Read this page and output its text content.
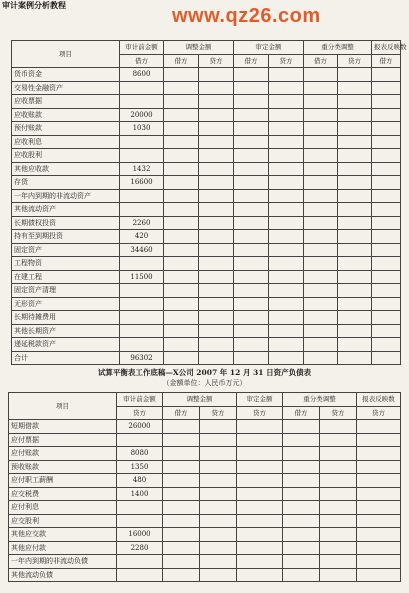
审计案例分析教程	www.qz26.com
项目	审计前金额	调整金额		审定金额		重分类调整		报表反映数
	借方	借方	贷方	借方	贷方	借方	贷方	借方
货币资金	8600							
交易性金融资产								
应收票据								
应收账款	20000							
预付账款	1030							
应收利息								
应收股利								
其他应收款	1432							
存货	16600							
一年内到期的非流动资产								
其他流动资产								
长期债权投资	2260							
持有至到期投资	420							
固定资产	34460							
工程物资								
在建工程	11500							
固定资产清理								
无形资产								
长期待摊费用								
其他长期资产								
递延税款资产								
合计	96302							
试算平衡表工作底稿—X公司 2007 年 12 月 31 日资产负债表
（金额单位：人民币万元）
项目	审计前金额	调整金额		审定金额	重分类调整		报表反映数
	贷方	借方	贷方	贷方	借方	贷方	贷方
短期借款	26000						
应付票据							
应付账款	8080						
预收账款	1350						
应付职工薪酬	480						
应交税费	1400						
应付利息							
应交股利							
其他应交款	16000						
其他应付款	2280						
一年内到期的非流动负债							
其他流动负债							
